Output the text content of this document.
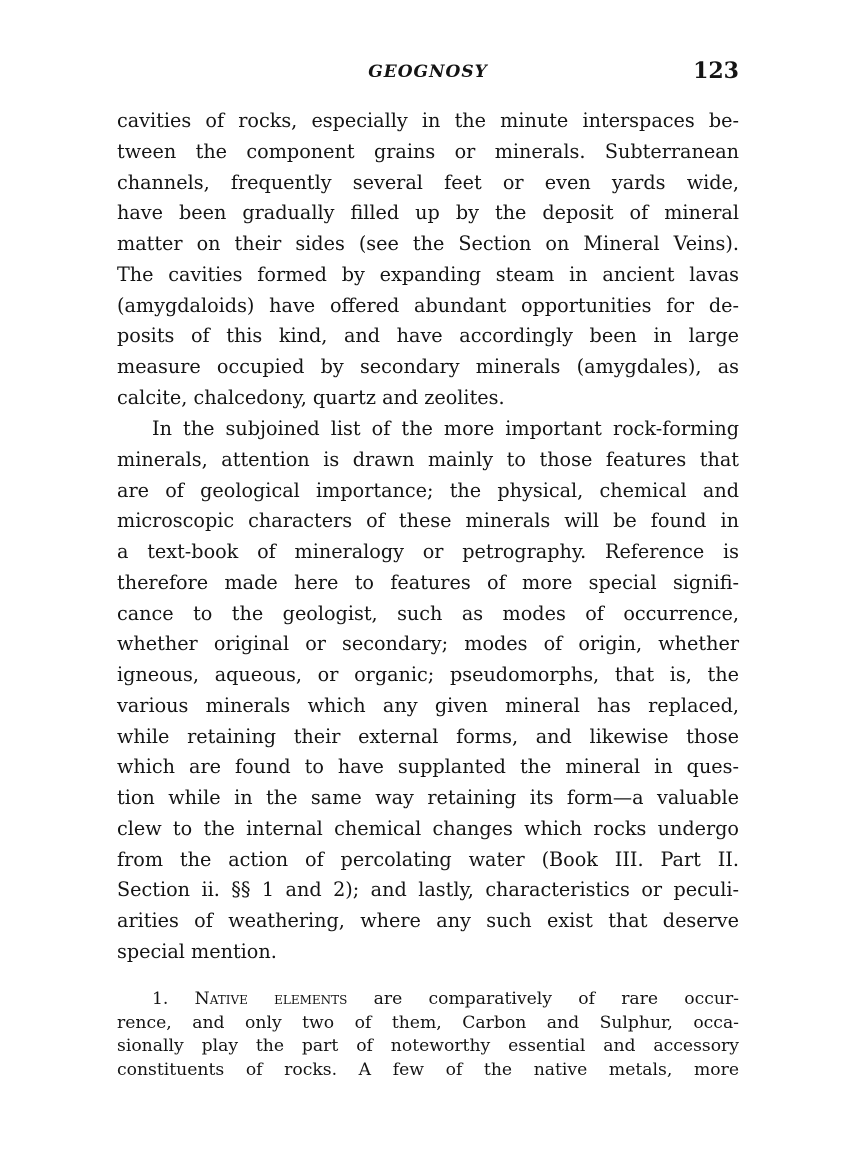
GEOGNOSY	123
cavities of rocks, especially in the minute interspaces be-
tween the component grains or minerals. Subterranean
channels, frequently several feet or even yards wide,
have been gradually filled up by the deposit of mineral
matter on their sides (see the Section on Mineral Veins).
The cavities formed by expanding steam in ancient lavas
(amygdaloids) have offered abundant opportunities for de-
posits of this kind, and have accordingly been in large
measure occupied by secondary minerals (amygdales), as
calcite, chalcedony, quartz and zeolites.
In the subjoined list of the more important rock-forming
minerals, attention is drawn mainly to those features that
are of geological importance; the physical, chemical and
microscopic characters of these minerals will be found in
a text-book of mineralogy or petrography. Reference is
therefore made here to features of more special signifi-
cance to the geologist, such as modes of occurrence,
whether original or secondary; modes of origin, whether
igneous, aqueous, or organic; pseudomorphs, that is, the
various minerals which any given mineral has replaced,
while retaining their external forms, and likewise those
which are found to have supplanted the mineral in ques-
tion while in the same way retaining its form—a valuable
clew to the internal chemical changes which rocks undergo
from the action of percolating water (Book III. Part II.
Section ii. §§ 1 and 2); and lastly, characteristics or peculi-
arities of weathering, where any such exist that deserve
special mention.
1. Native elements are comparatively of rare occur-
rence, and only two of them, Carbon and Sulphur, occa-
sionally play the part of noteworthy essential and accessory
constituents of rocks. A few of the native metals, more
